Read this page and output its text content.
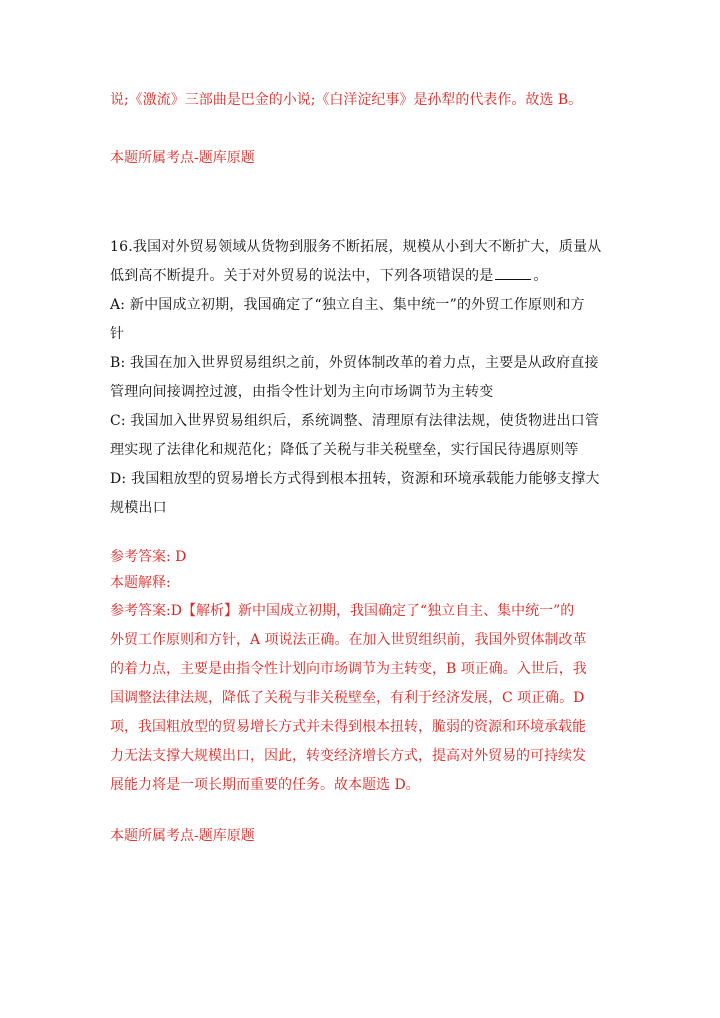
说;《激流》三部曲是巴金的小说;《白洋淀纪事》是孙犁的代表作。故选 B。
本题所属考点-题库原题

16.我国对外贸易领域从货物到服务不断拓展，规模从小到大不断扩大，质量从

低到高不断提升。关于对外贸易的说法中，下列各项错误的是	。

A: 新中国成立初期，我国确定了“独立自主、集中统一”的外贸工作原则和方

针

B: 我国在加入世界贸易组织之前，外贸体制改革的着力点，主要是从政府直接

管理向间接调控过渡，由指令性计划为主向市场调节为主转变

C: 我国加入世界贸易组织后，系统调整、清理原有法律法规，使货物进出口管

理实现了法律化和规范化；降低了关税与非关税壁垒，实行国民待遇原则等

D: 我国粗放型的贸易增长方式得到根本扭转，资源和环境承载能力能够支撑大

规模出口

参考答案: D

本题解释:

参考答案:D【解析】新中国成立初期，我国确定了“独立自主、集中统一”的

外贸工作原则和方针，A 项说法正确。在加入世贸组织前，我国外贸体制改革

的着力点，主要是由指令性计划向市场调节为主转变，B 项正确。入世后，我

国调整法律法规，降低了关税与非关税壁垒，有利于经济发展，C 项正确。D

项，我国粗放型的贸易增长方式并未得到根本扭转，脆弱的资源和环境承载能

力无法支撑大规模出口，因此，转变经济增长方式，提高对外贸易的可持续发

展能力将是一项长期而重要的任务。故本题选 D。

本题所属考点-题库原题
